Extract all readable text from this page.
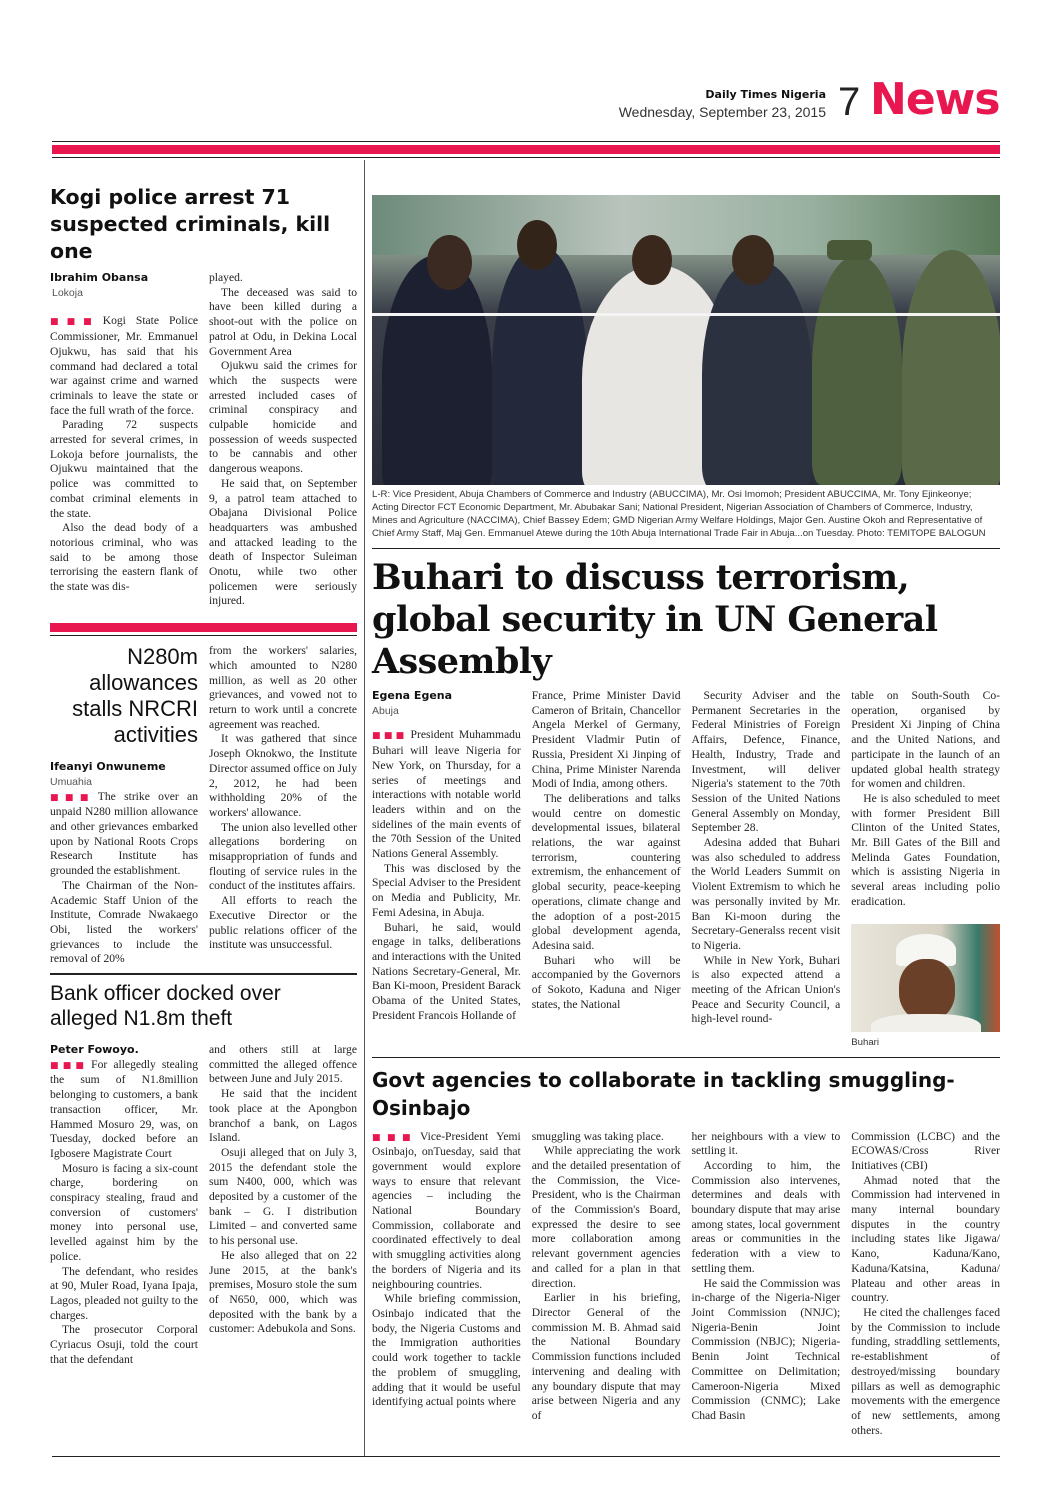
Daily Times Nigeria
Wednesday, September 23, 2015 7 News
Kogi police arrest 71 suspected criminals, kill one
Ibrahim Obansa
Lokoja

■■■ Kogi State Police Commissioner, Mr. Emmanuel Ojukwu, has said that his command had declared a total war against crime and warned criminals to leave the state or face the full wrath of the force.

Parading 72 suspects arrested for several crimes, in Lokoja before journalists, the Ojukwu maintained that the police was committed to combat criminal elements in the state.

Also the dead body of a notorious criminal, who was said to be among those terrorising the eastern flank of the state was dis-

played.

The deceased was said to have been killed during a shoot-out with the police on patrol at Odu, in Dekina Local Government Area

Ojukwu said the crimes for which the suspects were arrested included cases of criminal conspiracy and culpable homicide and possession of weeds suspected to be cannabis and other dangerous weapons.

He said that, on September 9, a patrol team attached to Obajana Divisional Police headquarters was ambushed and attacked leading to the death of Inspector Suleiman Onotu, while two other policemen were seriously injured.

N280m allowances stalls NRCRI activities
Ifeanyi Onwuneme
Umuahia

■■■ The strike over an unpaid N280 million allowance and other grievances embarked upon by National Roots Crops Research Institute has grounded the establishment.

The Chairman of the Non-Academic Staff Union of the Institute, Comrade Nwakaego Obi, listed the workers' grievances to include the removal of 20%

from the workers' salaries, which amounted to N280 million, as well as 20 other grievances, and vowed not to return to work until a concrete agreement was reached.

It was gathered that since Joseph Oknokwo, the Institute Director assumed office on July 2, 2012, he had been withholding 20% of the workers' allowance.

The union also levelled other allegations bordering on misappropriation of funds and flouting of service rules in the conduct of the institutes affairs.

All efforts to reach the Executive Director or the public relations officer of the institute was unsuccessful.

Bank officer docked over alleged N1.8m theft
Peter Fowoyo.

■■■ For allegedly stealing the sum of N1.8million belonging to customers, a bank transaction officer, Mr. Hammed Mosuro 29, was, on Tuesday, docked before an Igbosere Magistrate Court

Mosuro is facing a six-count charge, bordering on conspiracy stealing, fraud and conversion of customers' money into personal use, levelled against him by the police.

The defendant, who resides at 90, Muler Road, Iyana Ipaja, Lagos, pleaded not guilty to the charges.

The prosecutor Corporal Cyriacus Osuji, told the court that the defendant

and others still at large committed the alleged offence between June and July 2015.

He said that the incident took place at the Apongbon branchof a bank, on Lagos Island.

Osuji alleged that on July 3, 2015 the defendant stole the sum N400, 000, which was deposited by a customer of the bank – G. I distribution Limited – and converted same to his personal use.

He also alleged that on 22 June 2015, at the bank's premises, Mosuro stole the sum of N650, 000, which was deposited with the bank by a customer: Adebukola and Sons.

L-R: Vice President, Abuja Chambers of Commerce and Industry (ABUCCIMA), Mr. Osi Imomoh; President ABUCCIMA, Mr. Tony Ejinkeonye; Acting Director FCT Economic Department, Mr. Abubakar Sani; National President, Nigerian Association of Chambers of Commerce, Industry, Mines and Agriculture (NACCIMA), Chief Bassey Edem; GMD Nigerian Army Welfare Holdings, Major Gen. Austine Okoh and Representative of Chief Army Staff, Maj Gen. Emmanuel Atewe during the 10th Abuja International Trade Fair in Abuja...on Tuesday. Photo: TEMITOPE BALOGUN
Buhari to discuss terrorism, global security in UN General Assembly
Egena Egena
Abuja

■■■ President Muhammadu Buhari will leave Nigeria for New York, on Thursday, for a series of meetings and interactions with notable world leaders within and on the sidelines of the main events of the 70th Session of the United Nations General Assembly.

This was disclosed by the Special Adviser to the President on Media and Publicity, Mr. Femi Adesina, in Abuja.

Buhari, he said, would engage in talks, deliberations and interactions with the United Nations Secretary-General, Mr. Ban Ki-moon, President Barack Obama of the United States, President Francois Hollande of

France, Prime Minister David Cameron of Britain, Chancellor Angela Merkel of Germany, President Vladmir Putin of Russia, President Xi Jinping of China, Prime Minister Narenda Modi of India, among others.

The deliberations and talks would centre on domestic developmental issues, bilateral relations, the war against terrorism, countering extremism, the enhancement of global security, peace-keeping operations, climate change and the adoption of a post-2015 global development agenda, Adesina said.

Buhari who will be accompanied by the Governors of Sokoto, Kaduna and Niger states, the National

Security Adviser and the Permanent Secretaries in the Federal Ministries of Foreign Affairs, Defence, Finance, Health, Industry, Trade and Investment, will deliver Nigeria's statement to the 70th Session of the United Nations General Assembly on Monday, September 28.

Adesina added that Buhari was also scheduled to address the World Leaders Summit on Violent Extremism to which he was personally invited by Mr. Ban Ki-moon during the Secretary-Generalss recent visit to Nigeria.

While in New York, Buhari is also expected attend a meeting of the African Union's Peace and Security Council, a high-level round-

table on South-South Co-operation, organised by President Xi Jinping of China and the United Nations, and participate in the launch of an updated global health strategy for women and children.

He is also scheduled to meet with former President Bill Clinton of the United States, Mr. Bill Gates of the Bill and Melinda Gates Foundation, which is assisting Nigeria in several areas including polio eradication.

Buhari
Govt agencies to collaborate in tackling smuggling- Osinbajo

■■■ Vice-President Yemi Osinbajo, onTuesday, said that government would explore ways to ensure that relevant agencies – including the National Boundary Commission, collaborate and coordinated effectively to deal with smuggling activities along the borders of Nigeria and its neighbouring countries.

While briefing commission, Osinbajo indicated that the body, the Nigeria Customs and the Immigration authorities could work together to tackle the problem of smuggling, adding that it would be useful identifying actual points where

smuggling was taking place.

While appreciating the work and the detailed presentation of the Commission, the Vice- President, who is the Chairman of the Commission's Board, expressed the desire to see more collaboration among relevant government agencies and called for a plan in that direction.

Earlier in his briefing, Director General of the commission M. B. Ahmad said the National Boundary Commission functions included intervening and dealing with any boundary dispute that may arise between Nigeria and any of

her neighbours with a view to settling it.

According to him, the Commission also intervenes, determines and deals with boundary dispute that may arise among states, local government areas or communities in the federation with a view to settling them.

He said the Commission was in-charge of the Nigeria-Niger Joint Commission (NNJC); Nigeria-Benin Joint Commission (NBJC); Nigeria-Benin Joint Technical Committee on Delimitation; Cameroon-Nigeria Mixed Commission (CNMC); Lake Chad Basin

Commission (LCBC) and the ECOWAS/Cross River Initiatives (CBI)

Ahmad noted that the Commission had intervened in many internal boundary disputes in the country including states like Jigawa/ Kano, Kaduna/Kano, Kaduna/Katsina, Kaduna/ Plateau and other areas in country.

He cited the challenges faced by the Commission to include funding, straddling settlements, re-establishment of destroyed/missing boundary pillars as well as demographic movements with the emergence of new settlements, among others.
